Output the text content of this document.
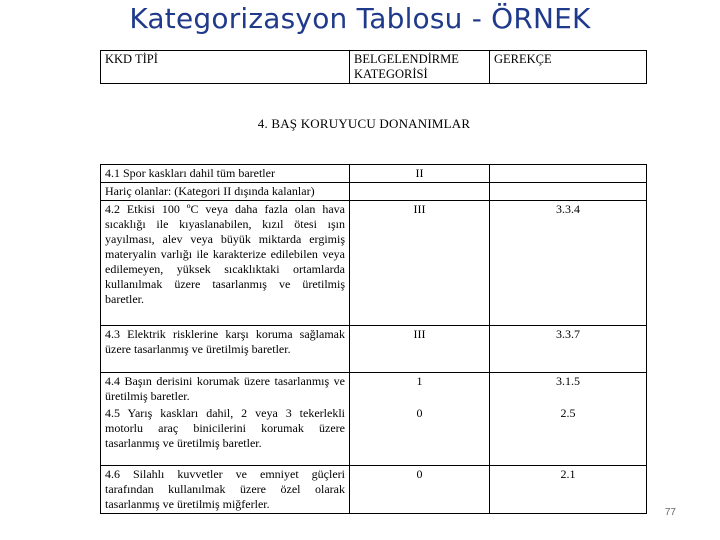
Kategorizasyon Tablosu - ÖRNEK
KKD TİPİ	BELGELENDİRME KATEGORİSİ	GEREKÇE
4. BAŞ KORUYUCU DONANIMLAR
4.1 Spor kaskları dahil tüm baretler	II	
Hariç olanlar: (Kategori II dışında kalanlar)		
4.2 Etkisi 100 ºC veya daha fazla olan hava sıcaklığı ile kıyaslanabilen, kızıl ötesi ışın yayılması, alev veya büyük miktarda ergimiş materyalin varlığı ile karakterize edilebilen veya edilemeyen, yüksek sıcaklıktaki ortamlarda kullanılmak üzere tasarlanmış ve üretilmiş baretler.	III	3.3.4
4.3 Elektrik risklerine karşı koruma sağlamak üzere tasarlanmış ve üretilmiş baretler.	III	3.3.7
4.4 Başın derisini korumak üzere tasarlanmış ve üretilmiş baretler.	1	3.1.5
4.5 Yarış kaskları dahil, 2 veya 3 tekerlekli motorlu araç binicilerini korumak üzere tasarlanmış ve üretilmiş baretler.	0	2.5
4.6 Silahlı kuvvetler ve emniyet güçleri tarafından kullanılmak üzere özel olarak tasarlanmış ve üretilmiş miğferler.	0	2.1
77
